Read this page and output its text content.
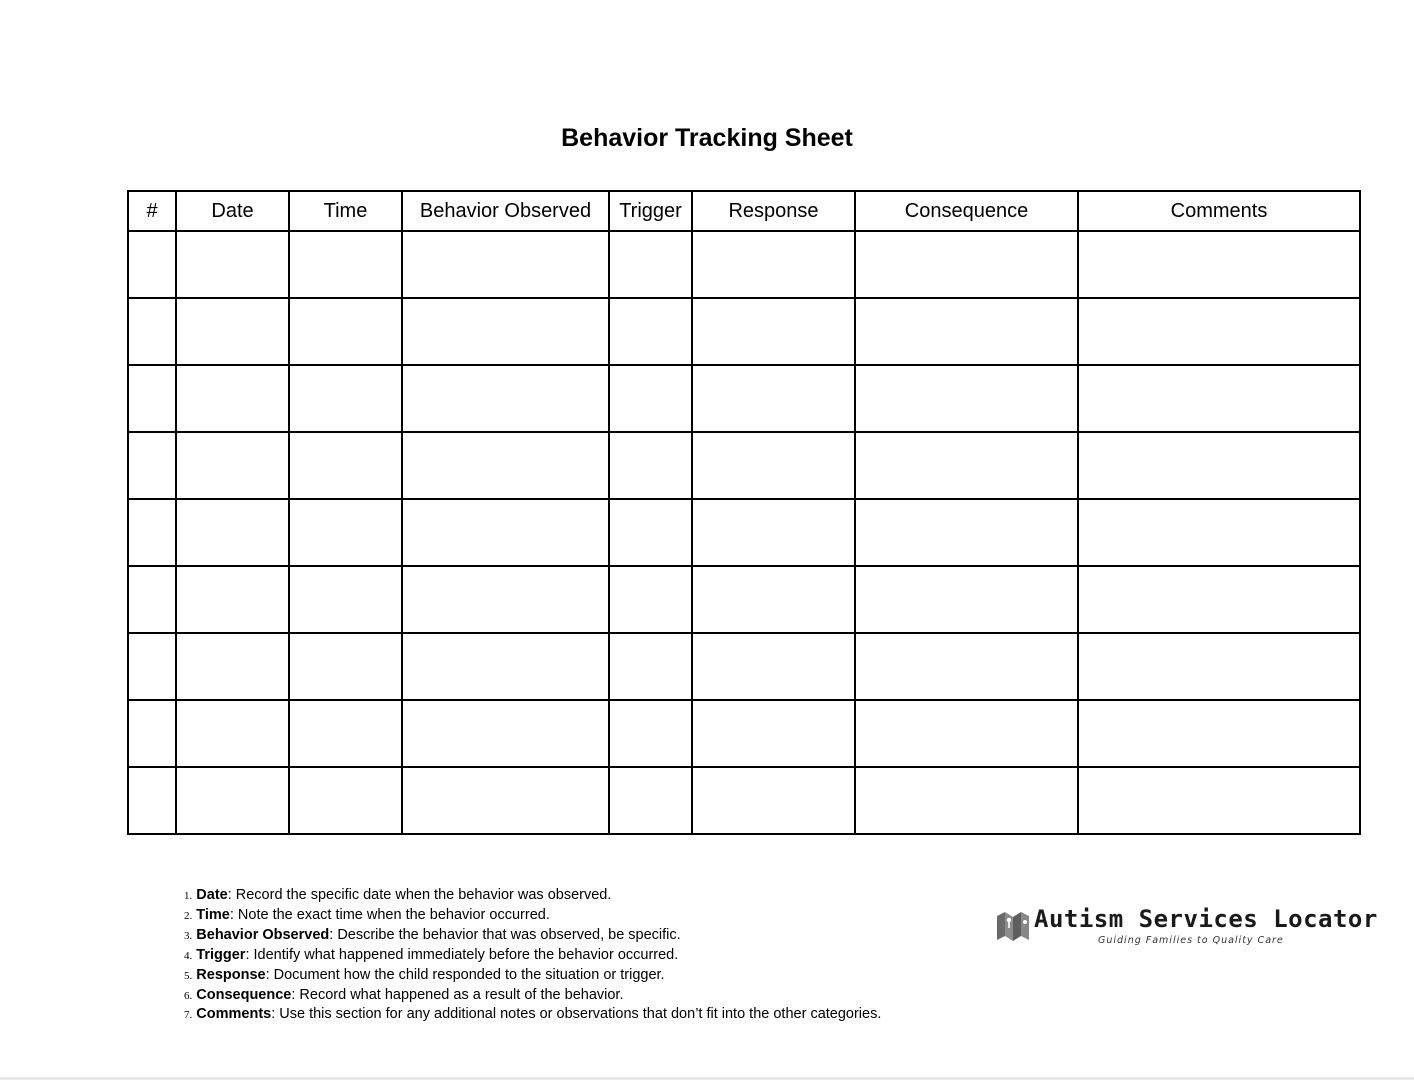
Behavior Tracking Sheet
#	Date	Time	Behavior Observed	Trigger	Response	Consequence	Comments

1. Date: Record the specific date when the behavior was observed.
2. Time: Note the exact time when the behavior occurred.
3. Behavior Observed: Describe the behavior that was observed, be specific.
4. Trigger: Identify what happened immediately before the behavior occurred.
5. Response: Document how the child responded to the situation or trigger.
6. Consequence: Record what happened as a result of the behavior.
7. Comments: Use this section for any additional notes or observations that don’t fit into the other categories.
Autism Services Locator
Guiding Families to Quality Care
